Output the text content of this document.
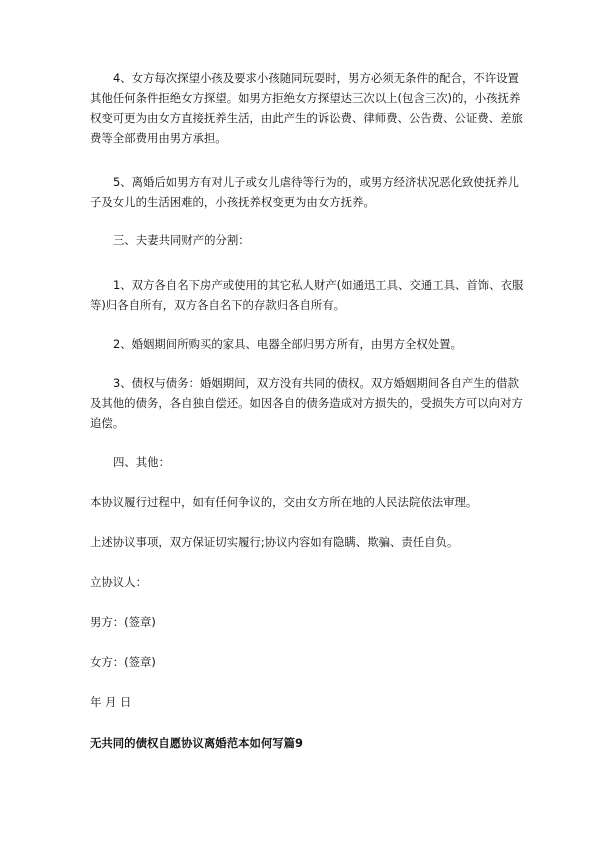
4、女方每次探望小孩及要求小孩随同玩耍时，男方必须无条件的配合，不许设置其他任何条件拒绝女方探望。如男方拒绝女方探望达三次以上(包含三次)的，小孩抚养权变可更为由女方直接抚养生活，由此产生的诉讼费、律师费、公告费、公证费、差旅费等全部费用由男方承担。

5、离婚后如男方有对儿子或女儿虐待等行为的，或男方经济状况恶化致使抚养儿子及女儿的生活困难的，小孩抚养权变更为由女方抚养。

三、夫妻共同财产的分割：

1、双方各自名下房产或使用的其它私人财产(如通迅工具、交通工具、首饰、衣服等)归各自所有，双方各自名下的存款归各自所有。

2、婚姻期间所购买的家具、电器全部归男方所有，由男方全权处置。

3、债权与债务：婚姻期间，双方没有共同的债权。双方婚姻期间各自产生的借款及其他的债务，各自独自偿还。如因各自的债务造成对方损失的，受损失方可以向对方追偿。

四、其他：

本协议履行过程中，如有任何争议的，交由女方所在地的人民法院依法审理。

上述协议事项，双方保证切实履行;协议内容如有隐瞒、欺骗、责任自负。

立协议人：

男方：(签章)

女方：(签章)

年 月 日

无共同的债权自愿协议离婚范本如何写篇9
